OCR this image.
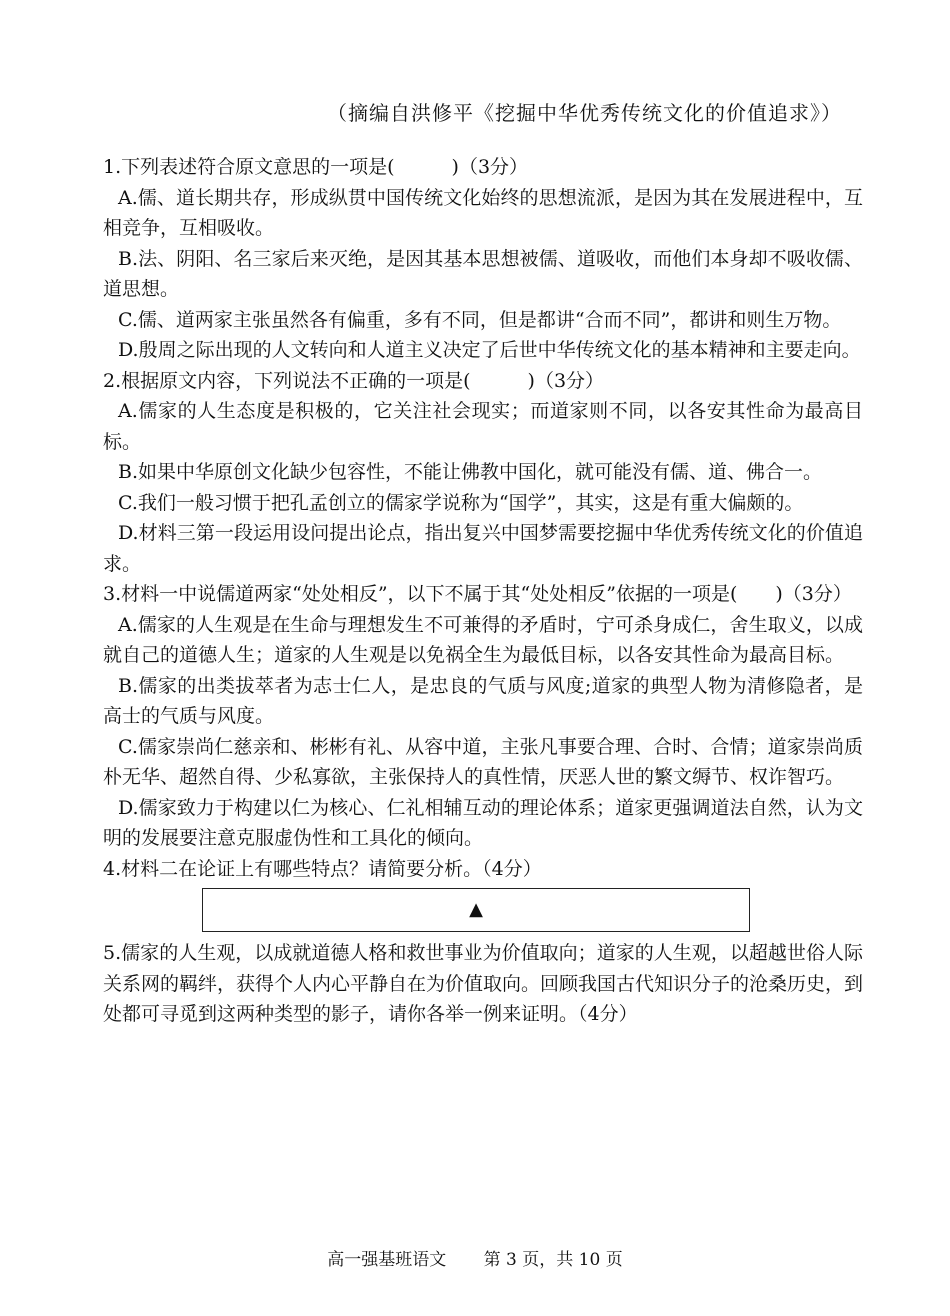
（摘编自洪修平《挖掘中华优秀传统文化的价值追求》）

1.下列表述符合原文意思的一项是(　　　)（3分）

A.儒、道长期共存，形成纵贯中国传统文化始终的思想流派，是因为其在发展进程中，互相竞争，互相吸收。

B.法、阴阳、名三家后来灭绝，是因其基本思想被儒、道吸收，而他们本身却不吸收儒、道思想。

C.儒、道两家主张虽然各有偏重，多有不同，但是都讲“合而不同”，都讲和则生万物。

D.殷周之际出现的人文转向和人道主义决定了后世中华传统文化的基本精神和主要走向。

2.根据原文内容，下列说法不正确的一项是(　　　)（3分）

A.儒家的人生态度是积极的，它关注社会现实；而道家则不同，以各安其性命为最高目标。

B.如果中华原创文化缺少包容性，不能让佛教中国化，就可能没有儒、道、佛合一。

C.我们一般习惯于把孔孟创立的儒家学说称为“国学”，其实，这是有重大偏颇的。

D.材料三第一段运用设问提出论点，指出复兴中国梦需要挖掘中华优秀传统文化的价值追求。

3.材料一中说儒道两家“处处相反”，以下不属于其“处处相反”依据的一项是(　　)（3分）

A.儒家的人生观是在生命与理想发生不可兼得的矛盾时，宁可杀身成仁，舍生取义，以成就自己的道德人生；道家的人生观是以免祸全生为最低目标，以各安其性命为最高目标。

B.儒家的出类拔萃者为志士仁人，是忠良的气质与风度;道家的典型人物为清修隐者，是高士的气质与风度。

C.儒家崇尚仁慈亲和、彬彬有礼、从容中道，主张凡事要合理、合时、合情；道家崇尚质朴无华、超然自得、少私寡欲，主张保持人的真性情，厌恶人世的繁文缛节、权诈智巧。

D.儒家致力于构建以仁为核心、仁礼相辅互动的理论体系；道家更强调道法自然，认为文明的发展要注意克服虚伪性和工具化的倾向。

4.材料二在论证上有哪些特点？请简要分析。（4分）

▲

5.儒家的人生观，以成就道德人格和救世事业为价值取向；道家的人生观，以超越世俗人际关系网的羁绊，获得个人内心平静自在为价值取向。回顾我国古代知识分子的沧桑历史，到处都可寻觅到这两种类型的影子，请你各举一例来证明。（4分）

高一强基班语文 第 3 页，共 10 页
